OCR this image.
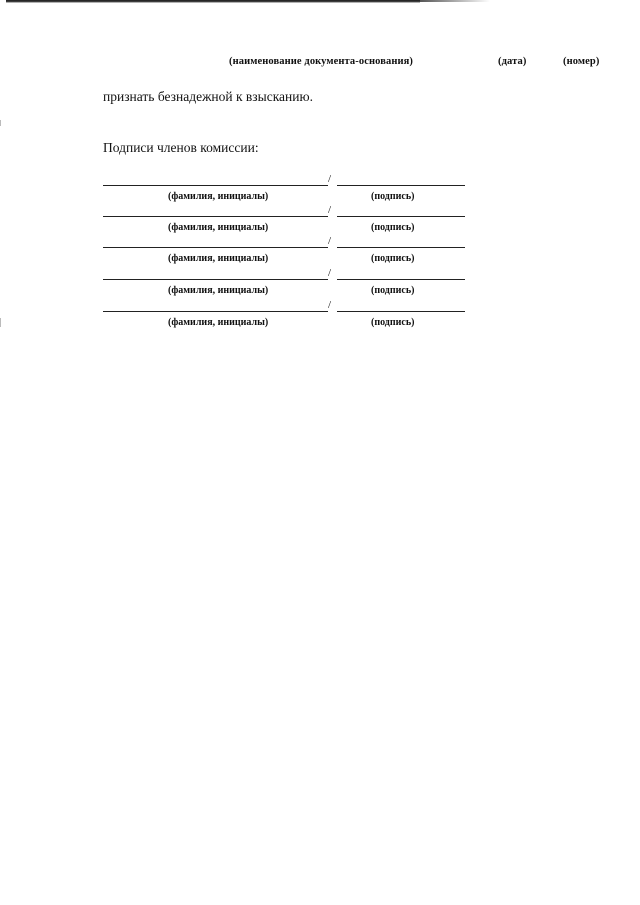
(наименование документа-основания)	(дата)	(номер)
признать безнадежной к взысканию.
Подписи членов комиссии:
/
(фамилия, инициалы)	(подпись)
/
(фамилия, инициалы)	(подпись)
/
(фамилия, инициалы)	(подпись)
/
(фамилия, инициалы)	(подпись)
/
(фамилия, инициалы)	(подпись)
